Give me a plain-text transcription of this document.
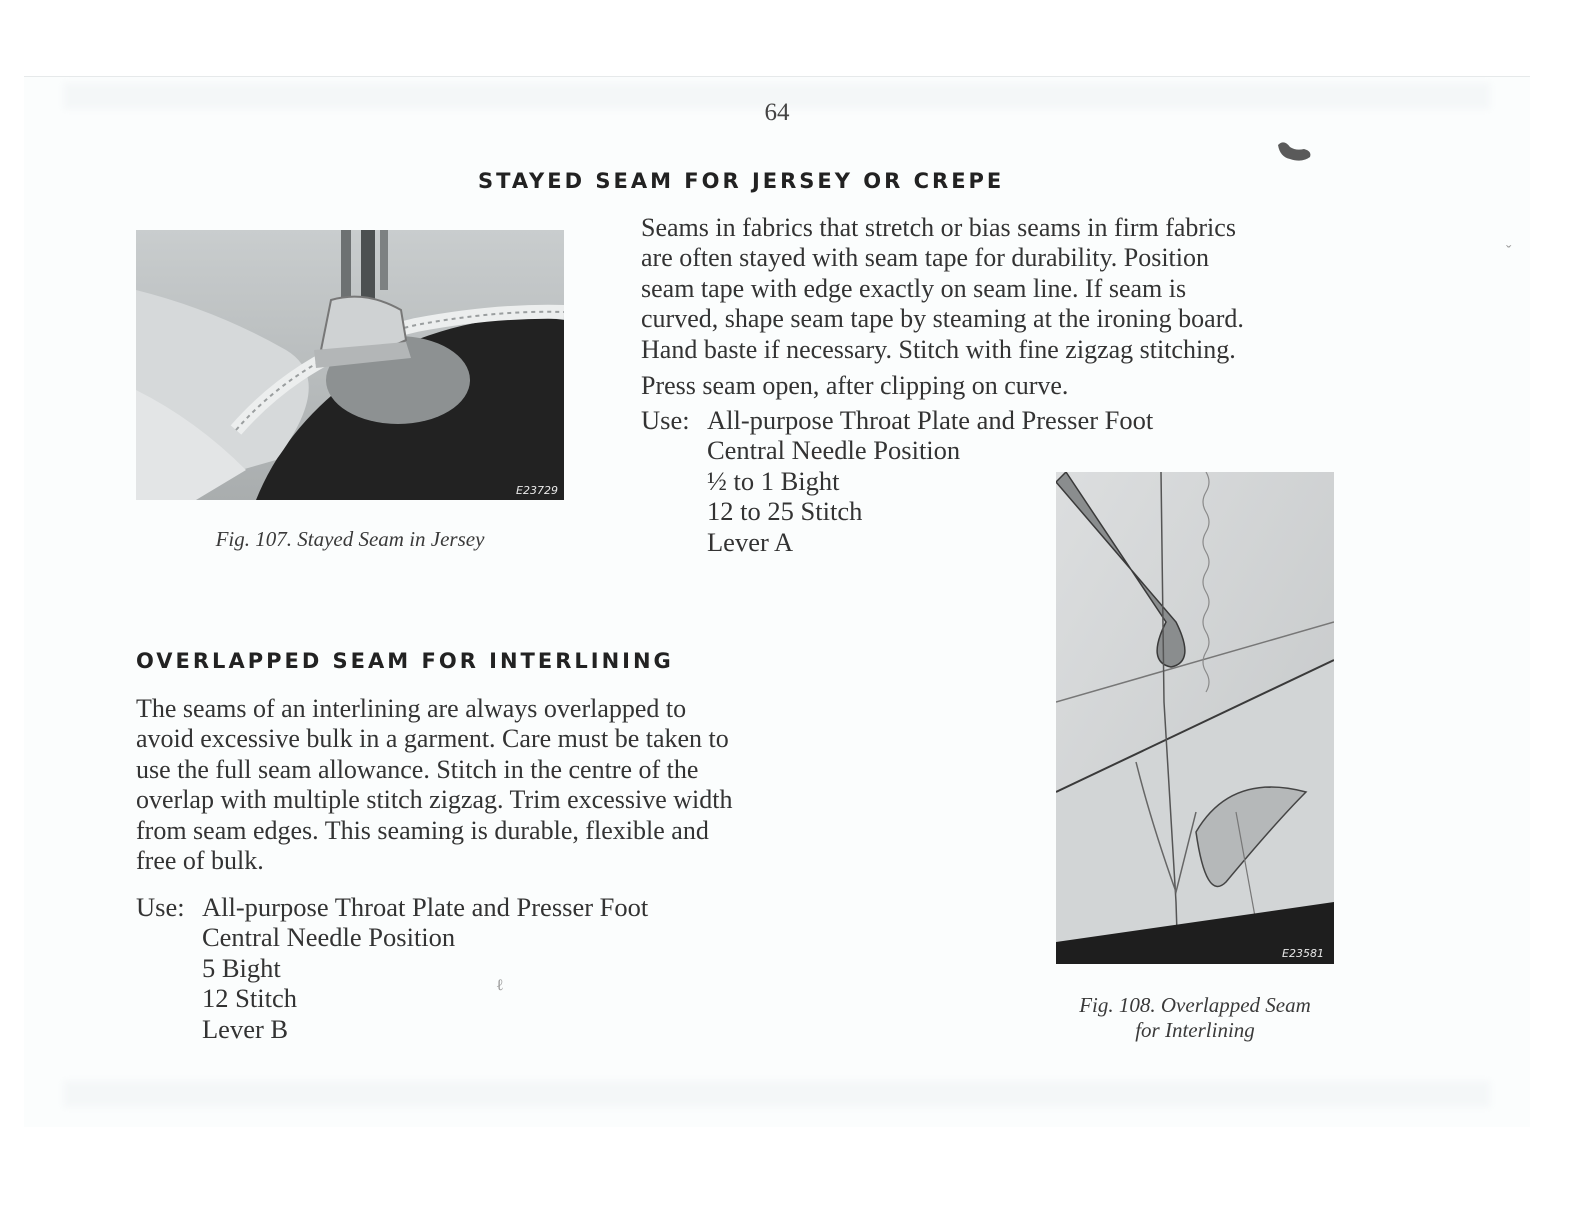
64
STAYED SEAM FOR JERSEY OR CREPE
E23729
Fig. 107. Stayed Seam in Jersey

Seams in fabrics that stretch or bias seams in firm fabrics

are often stayed with seam tape for durability. Position

seam tape with edge exactly on seam line. If seam is

curved, shape seam tape by steaming at the ironing board.

Hand baste if necessary. Stitch with fine zigzag stitching.

Press seam open, after clipping on curve.

Use: All-purpose Throat Plate and Presser Foot
Central Needle Position
½ to 1 Bight
12 to 25 Stitch
Lever A
OVERLAPPED SEAM FOR INTERLINING

The seams of an interlining are always overlapped to

avoid excessive bulk in a garment. Care must be taken to

use the full seam allowance. Stitch in the centre of the

overlap with multiple stitch zigzag. Trim excessive width

from seam edges. This seaming is durable, flexible and

free of bulk.

Use: All-purpose Throat Plate and Presser Foot
Central Needle Position
5 Bight
12 Stitch
Lever B
E23581
Fig. 108. Overlapped Seam
for Interlining
ℓ
ˇ
